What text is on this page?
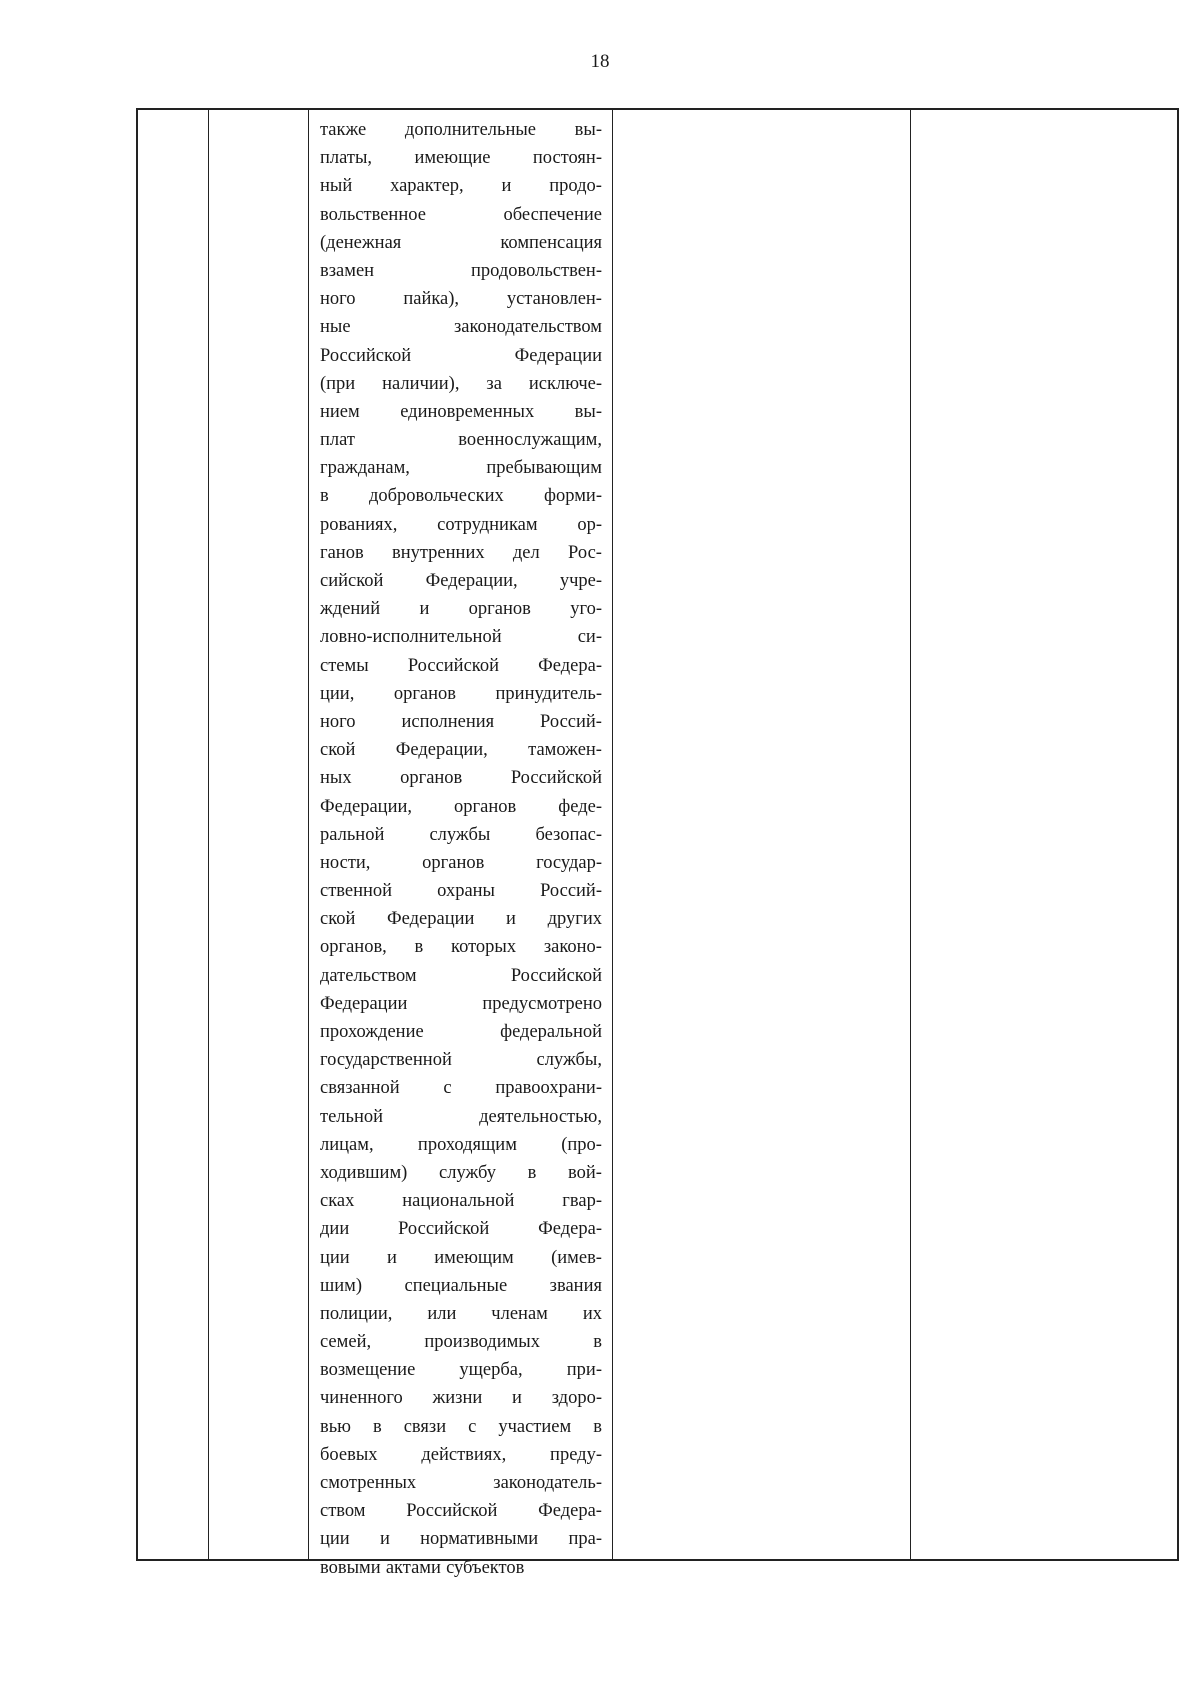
18
также дополнительные вы-
платы, имеющие постоян-
ный характер, и продо-
вольственное	обеспечение
(денежная	компенсация
взамен	продовольствен-
ного	пайка),	установлен-
ные	законодательством
Российской	Федерации
(при наличии), за исключе-
нием единовременных вы-
плат	военнослужащим,
гражданам,	пребывающим
в добровольческих форми-
рованиях, сотрудникам ор-
ганов внутренних дел Рос-
сийской Федерации, учре-
ждений и органов уго-
ловно-исполнительной	си-
стемы Российской Федера-
ции, органов принудитель-
ного исполнения Россий-
ской Федерации, таможен-
ных	органов	Российской
Федерации, органов феде-
ральной службы безопас-
ности,	органов	государ-
ственной охраны Россий-
ской Федерации и других
органов, в которых законо-
дательством	Российской
Федерации	предусмотрено
прохождение	федеральной
государственной	службы,
связанной с правоохрани-
тельной	деятельностью,
лицам, проходящим (про-
ходившим) службу в вой-
сках	национальной	гвар-
дии	Российской	Федера-
ции и имеющим (имев-
шим) специальные звания
полиции, или членам их
семей,	производимых	в
возмещение ущерба, при-
чиненного жизни и здоро-
вью в связи с участием в
боевых действиях, преду-
смотренных	законодатель-
ством Российской Федера-
ции и нормативными пра-
вовыми актами субъектов
